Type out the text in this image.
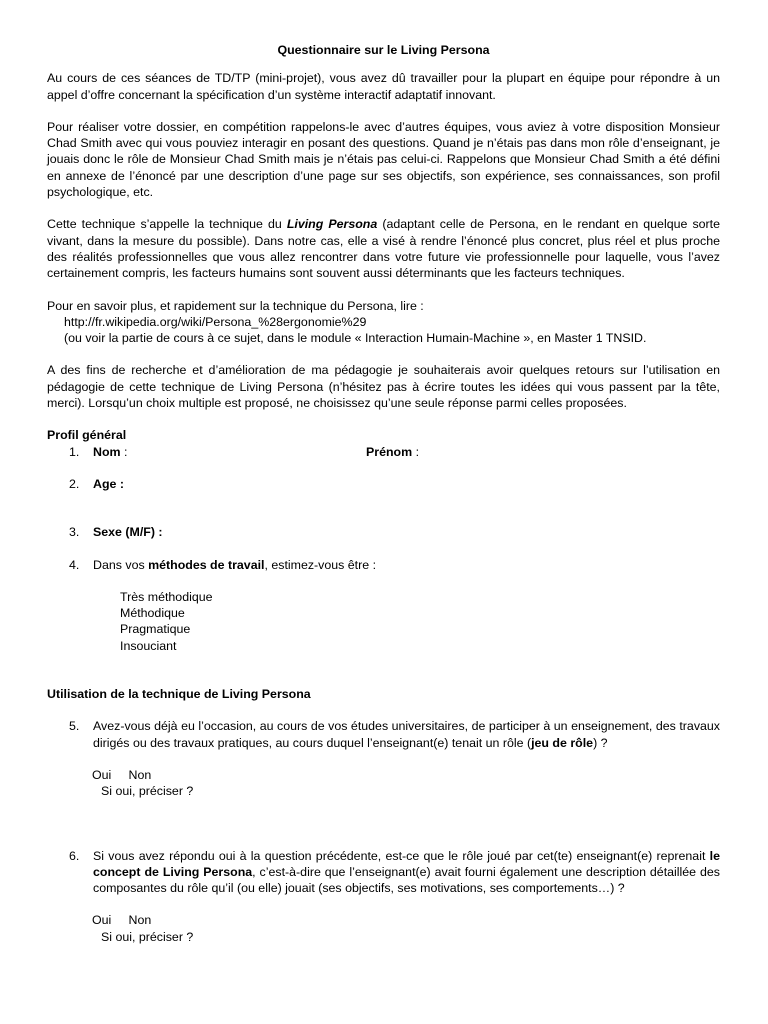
Questionnaire sur le Living Persona

Au cours de ces séances de TD/TP (mini-projet), vous avez dû travailler pour la plupart en équipe pour répondre à un appel d’offre concernant la spécification d’un système interactif adaptatif innovant.

Pour réaliser votre dossier, en compétition rappelons-le avec d’autres équipes, vous aviez à votre disposition Monsieur Chad Smith avec qui vous pouviez interagir en posant des questions. Quand je n’étais pas dans mon rôle d’enseignant, je jouais donc le rôle de Monsieur Chad Smith mais je n’étais pas celui-ci. Rappelons que Monsieur Chad Smith a été défini en annexe de l’énoncé par une description d’une page sur ses objectifs, son expérience, ses connaissances, son profil psychologique, etc.

Cette technique s’appelle la technique du Living Persona (adaptant celle de Persona, en le rendant en quelque sorte vivant, dans la mesure du possible). Dans notre cas, elle a visé à rendre l’énoncé plus concret, plus réel et plus proche des réalités professionnelles que vous allez rencontrer dans votre future vie professionnelle pour laquelle, vous l’avez certainement compris, les facteurs humains sont souvent aussi déterminants que les facteurs techniques.

Pour en savoir plus, et rapidement sur la technique du Persona, lire :

http://fr.wikipedia.org/wiki/Persona_%28ergonomie%29

(ou voir la partie de cours à ce sujet, dans le module « Interaction Humain-Machine », en Master 1 TNSID.

A des fins de recherche et d’amélioration de ma pédagogie je souhaiterais avoir quelques retours sur l’utilisation en pédagogie de cette technique de Living Persona (n’hésitez pas à écrire toutes les idées qui vous passent par la tête, merci). Lorsqu’un choix multiple est proposé, ne choisissez qu’une seule réponse parmi celles proposées.

Profil général

1. Nom :	Prénom :
2. Age :
3. Sexe (M/F) :
4. Dans vos méthodes de travail, estimez-vous être :

Très méthodique

Méthodique

Pragmatique

Insouciant

Utilisation de la technique de Living Persona

5. Avez-vous déjà eu l’occasion, au cours de vos études universitaires, de participer à un enseignement, des travaux dirigés ou des travaux pratiques, au cours duquel l’enseignant(e) tenait un rôle (jeu de rôle) ?

Oui Non

Si oui, préciser ?

6. Si vous avez répondu oui à la question précédente, est-ce que le rôle joué par cet(te) enseignant(e) reprenait le concept de Living Persona, c’est-à-dire que l’enseignant(e) avait fourni également une description détaillée des composantes du rôle qu’il (ou elle) jouait (ses objectifs, ses motivations, ses comportements…) ?

Oui Non

Si oui, préciser ?
